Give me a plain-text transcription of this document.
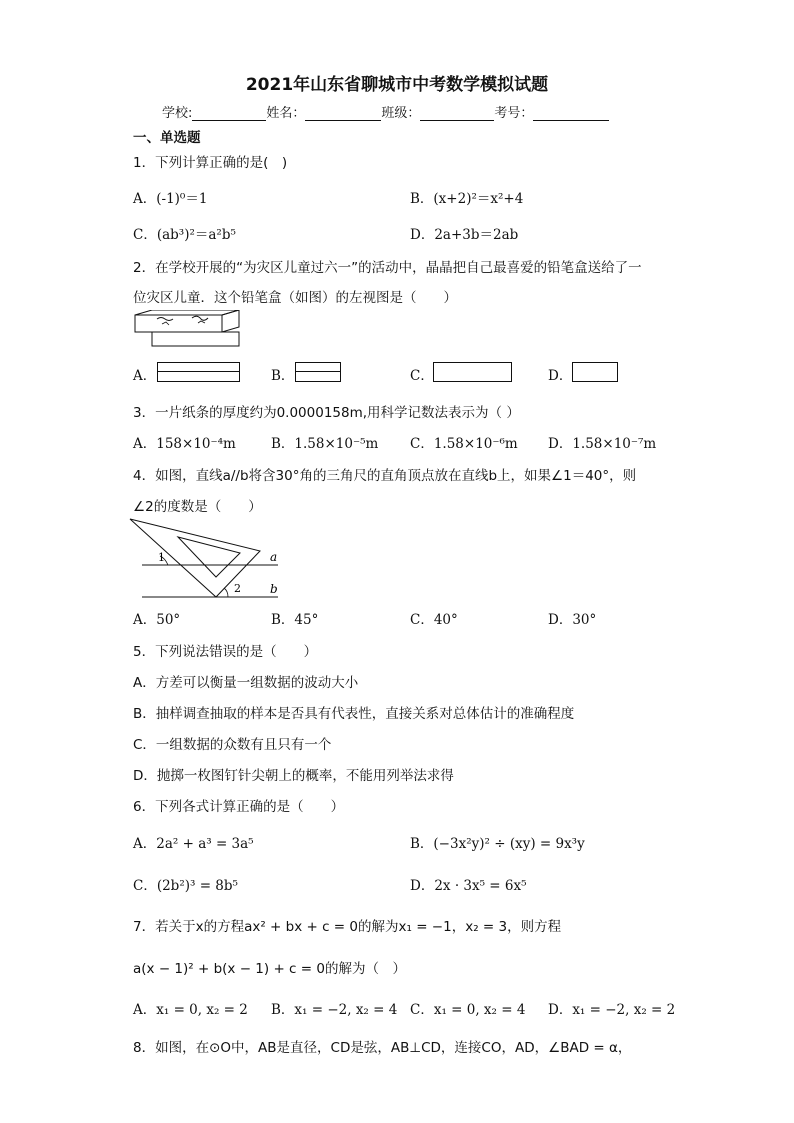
2021年山东省聊城市中考数学模拟试题
学校:	姓名：	班级：	考号：
一、单选题
1．下列计算正确的是(　)
A．(-1)⁰＝1	B．(x+2)²＝x²+4
C．(ab³)²＝a²b⁵	D．2a+3b＝2ab
2．在学校开展的“为灾区儿童过六一”的活动中，晶晶把自己最喜爱的铅笔盒送给了一
位灾区儿童．这个铅笔盒（如图）的左视图是（　　）
A．	B．	C．	D．
3．一片纸条的厚度约为0.0000158m,用科学记数法表示为（ ）
A．158×10⁻⁴m	B．1.58×10⁻⁵m C．1.58×10⁻⁶m D．1.58×10⁻⁷m
4．如图，直线a//b将含30°角的三角尺的直角顶点放在直线b上，如果∠1＝40°，则
∠2的度数是（　　）
1
2
a
b
A．50°	B．45°	C．40°	D．30°
5．下列说法错误的是（　　）
A．方差可以衡量一组数据的波动大小
B．抽样调查抽取的样本是否具有代表性，直接关系对总体估计的准确程度
C．一组数据的众数有且只有一个
D．抛掷一枚图钉针尖朝上的概率，不能用列举法求得
6．下列各式计算正确的是（　　）
A．2a² + a³ = 3a⁵	B．(−3x²y)² ÷ (xy) = 9x³y
C．(2b²)³ = 8b⁵	D．2x · 3x⁵ = 6x⁵
7．若关于x的方程ax² + bx + c = 0的解为x₁ = −1，x₂ = 3，则方程
a(x − 1)² + b(x − 1) + c = 0的解为（　）
A．x₁ = 0, x₂ = 2 B．x₁ = −2, x₂ = 4 C．x₁ = 0, x₂ = 4 D．x₁ = −2, x₂ = 2
8．如图，在⊙O中，AB是直径，CD是弦，AB⊥CD，连接CO，AD，∠BAD = α，
